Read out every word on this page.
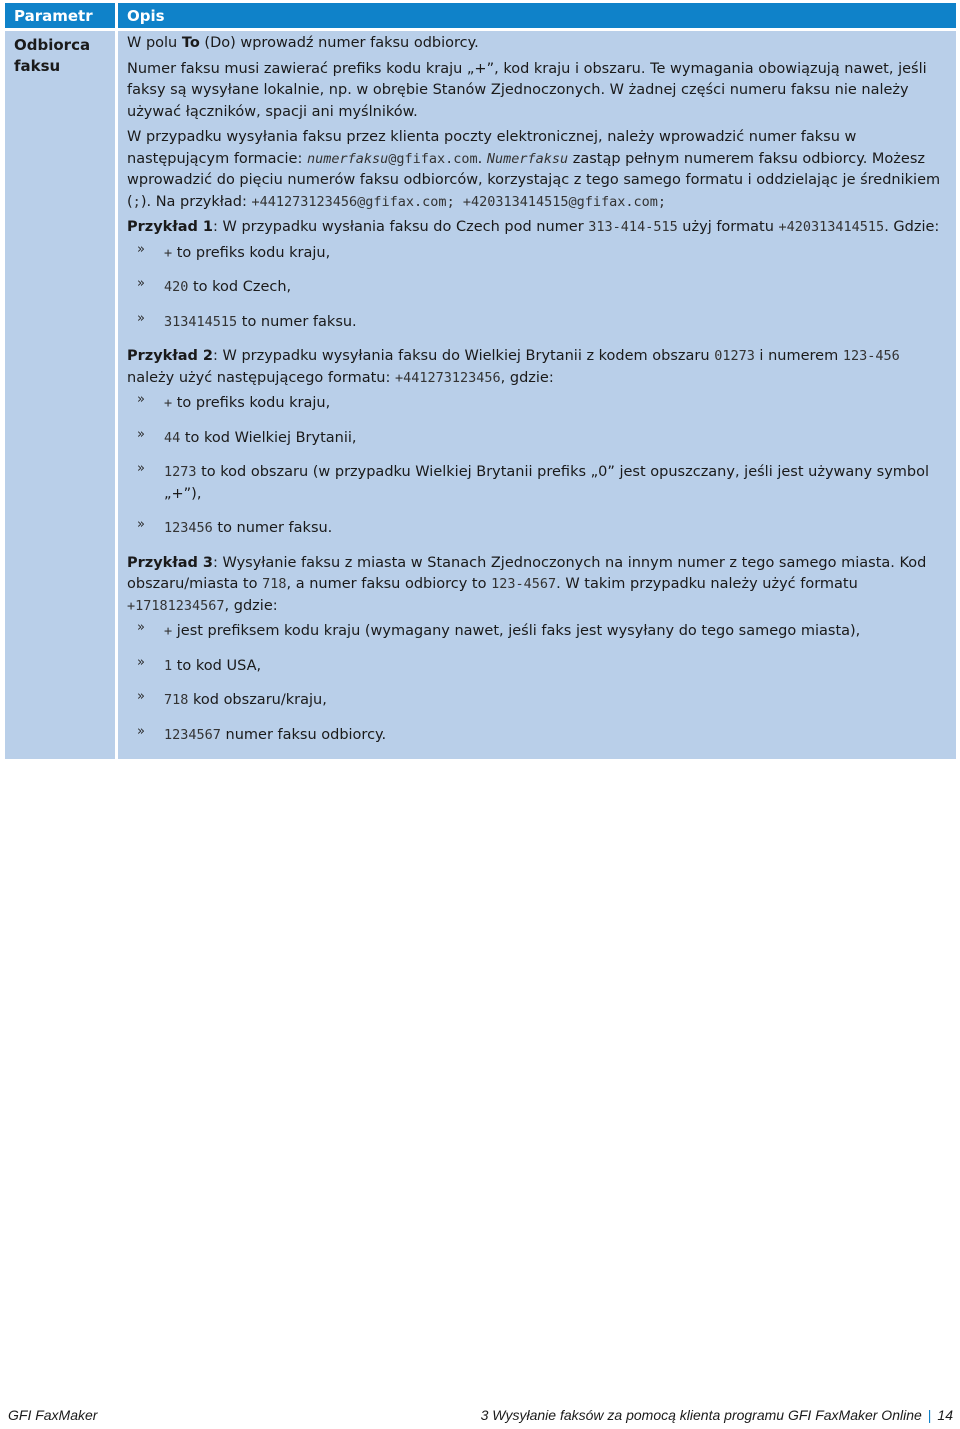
Parametr	Opis
Odbiorca faksu

W polu To (Do) wprowadź numer faksu odbiorcy.

Numer faksu musi zawierać prefiks kodu kraju „+”, kod kraju i obszaru. Te wymagania obowiązują nawet, jeśli faksy są wysyłane lokalnie, np. w obrębie Stanów Zjednoczonych. W żadnej części numeru faksu nie należy używać łączników, spacji ani myślników.

W przypadku wysyłania faksu przez klienta poczty elektronicznej, należy wprowadzić numer faksu w następującym formacie: numerfaksu@gfifax.com. Numerfaksu zastąp pełnym numerem faksu odbiorcy. Możesz wprowadzić do pięciu numerów faksu odbiorców, korzystając z tego samego formatu i oddzielając je średnikiem (;). Na przykład: +441273123456@gfifax.com; +420313414515@gfifax.com;

Przykład 1: W przypadku wysłania faksu do Czech pod numer 313-414-515 użyj formatu +420313414515. Gdzie:

» + to prefiks kodu kraju,
» 420 to kod Czech,
» 313414515 to numer faksu.

Przykład 2: W przypadku wysyłania faksu do Wielkiej Brytanii z kodem obszaru 01273 i numerem 123-456 należy użyć następującego formatu: +441273123456, gdzie:

» + to prefiks kodu kraju,
» 44 to kod Wielkiej Brytanii,
» 1273 to kod obszaru (w przypadku Wielkiej Brytanii prefiks „0” jest opuszczany, jeśli jest używany symbol „+”),
» 123456 to numer faksu.

Przykład 3: Wysyłanie faksu z miasta w Stanach Zjednoczonych na innym numer z tego samego miasta. Kod obszaru/miasta to 718, a numer faksu odbiorcy to 123-4567. W takim przypadku należy użyć formatu +17181234567, gdzie:

» + jest prefiksem kodu kraju (wymagany nawet, jeśli faks jest wysyłany do tego samego miasta),
» 1 to kod USA,
» 718 kod obszaru/kraju,
» 1234567 numer faksu odbiorcy.
GFI FaxMaker	3 Wysyłanie faksów za pomocą klienta programu GFI FaxMaker Online | 14
